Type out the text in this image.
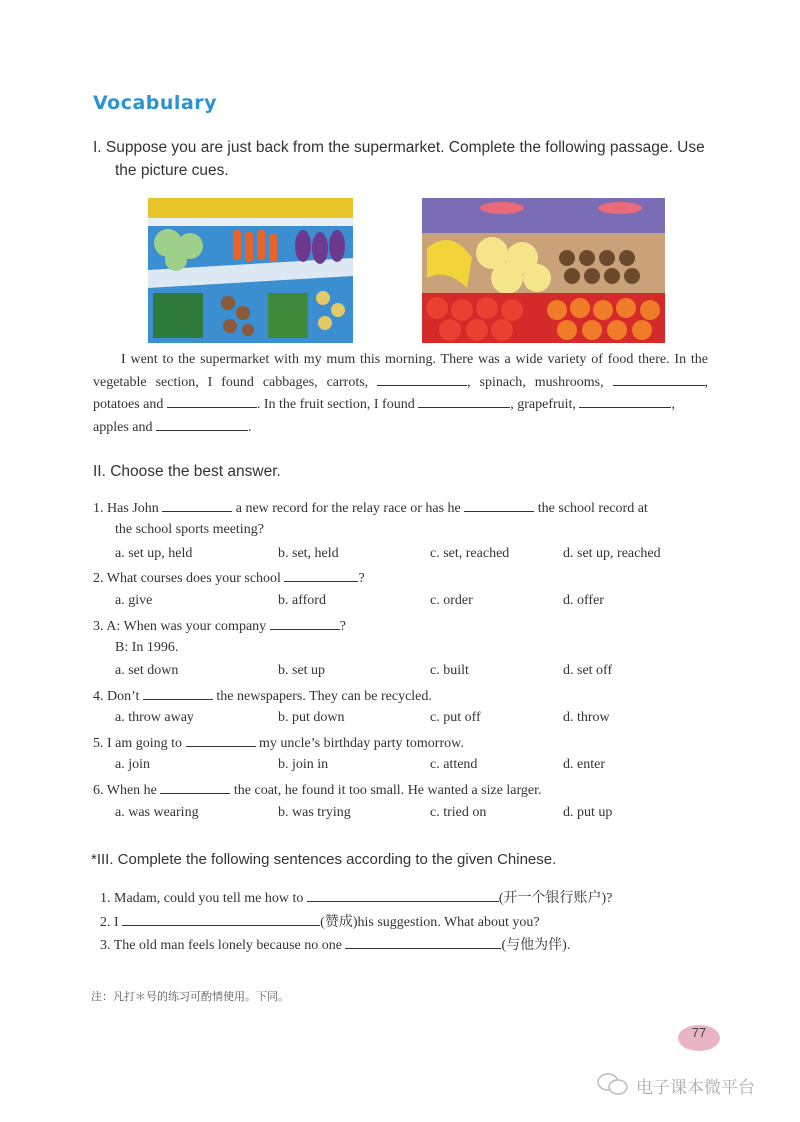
Vocabulary
I. Suppose you are just back from the supermarket. Complete the following passage. Use
the picture cues.
I went to the supermarket with my mum this morning. There was a wide variety of food there. In the vegetable section, I found cabbages, carrots,	, spinach, mushrooms,	, potatoes and	. In the fruit section, I found	, grapefruit,	,
apples and	.
II. Choose the best answer.
1. Has John	a new record for the relay race or has he	the school record at
the school sports meeting?
a. set up, held	b. set, held	c. set, reached	d. set up, reached
2. What courses does your school	?
a. give	b. afford	c. order	d. offer
3. A: When was your company	?
B: In 1996.
a. set down	b. set up	c. built	d. set off
4. Don’t	the newspapers. They can be recycled.
a. throw away	b. put down	c. put off	d. throw
5. I am going to	my uncle’s birthday party tomorrow.
a. join	b. join in	c. attend	d. enter
6. When he	the coat, he found it too small. He wanted a size larger.
a. was wearing	b. was trying	c. tried on	d. put up
*III. Complete the following sentences according to the given Chinese.
1. Madam, could you tell me how to	(开一个银行账户)?
2. I	(赞成)his suggestion. What about you?
3. The old man feels lonely because no one	(与他为伴).
注：凡打＊号的练习可酌情使用。下同。
77
电子课本微平台
